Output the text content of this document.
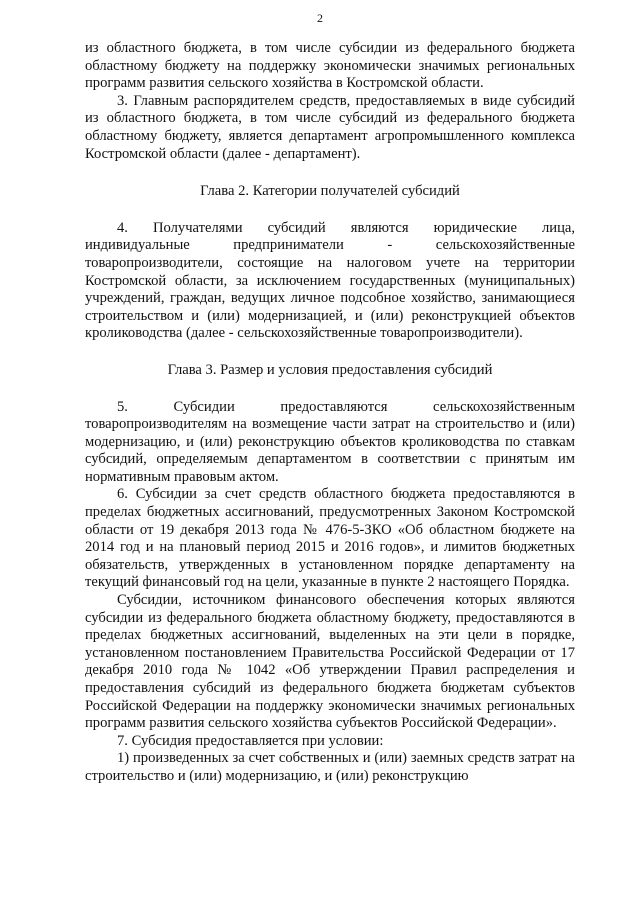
2

из областного бюджета, в том числе субсидии из федерального бюджета областному бюджету на поддержку экономически значимых региональных программ развития сельского хозяйства в Костромской области.

3. Главным распорядителем средств, предоставляемых в виде субсидий из областного бюджета, в том числе субсидий из федерального бюджета областному бюджету, является департамент агропромышленного комплекса Костромской области (далее - департамент).

Глава 2. Категории получателей субсидий

4. Получателями субсидий являются юридические лица, индивидуальные предприниматели - сельскохозяйственные товаропроизводители, состоящие на налоговом учете на территории Костромской области, за исключением государственных (муниципальных) учреждений, граждан, ведущих личное подсобное хозяйство, занимающиеся строительством и (или) модернизацией, и (или) реконструкцией объектов кролиководства (далее - сельскохозяйственные товаропроизводители).

Глава 3. Размер и условия предоставления субсидий

5. Субсидии предоставляются сельскохозяйственным товаропроизводителям на возмещение части затрат на строительство и (или) модернизацию, и (или) реконструкцию объектов кролиководства по ставкам субсидий, определяемым департаментом в соответствии с принятым им нормативным правовым актом.

6. Субсидии за счет средств областного бюджета предоставляются в пределах бюджетных ассигнований, предусмотренных Законом Костромской области от 19 декабря 2013 года № 476-5-ЗКО «Об областном бюджете на 2014 год и на плановый период 2015 и 2016 годов», и лимитов бюджетных обязательств, утвержденных в установленном порядке департаменту на текущий финансовый год на цели, указанные в пункте 2 настоящего Порядка.

Субсидии, источником финансового обеспечения которых являются субсидии из федерального бюджета областному бюджету, предоставляются в пределах бюджетных ассигнований, выделенных на эти цели в порядке, установленном постановлением Правительства Российской Федерации от 17 декабря 2010 года № 1042 «Об утверждении Правил распределения и предоставления субсидий из федерального бюджета бюджетам субъектов Российской Федерации на поддержку экономически значимых региональных программ развития сельского хозяйства субъектов Российской Федерации».

7. Субсидия предоставляется при условии:

1) произведенных за счет собственных и (или) заемных средств затрат на строительство и (или) модернизацию, и (или) реконструкцию
